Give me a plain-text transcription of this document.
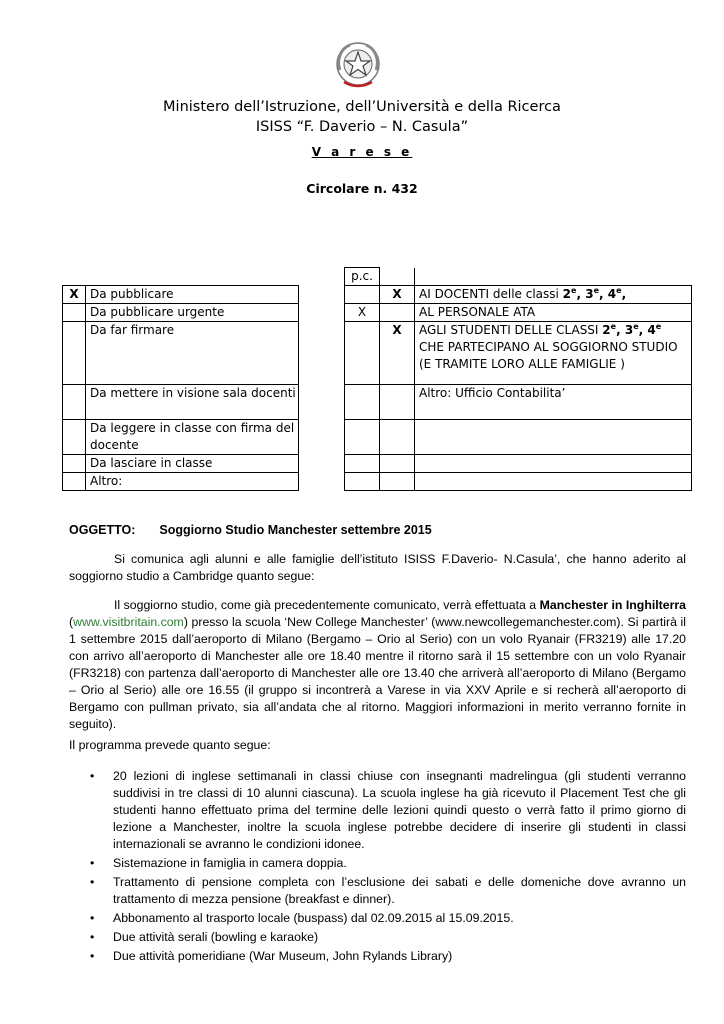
Ministero dell’Istruzione, dell’Università e della Ricerca
ISISS “F. Daverio – N. Casula”
V a r e s e
Circolare n. 432
X	Da pubblicare
	Da pubblicare urgente
	Da far firmare
	Da mettere in visione sala docenti
	Da leggere in classe con firma del docente
	Da lasciare in classe
	Altro:
p.c.		
	X	AI DOCENTI delle classi 2e, 3e, 4e,
X		AL PERSONALE ATA
	X	AGLI STUDENTI DELLE CLASSI 2e, 3e, 4e
CHE PARTECIPANO AL SOGGIORNO STUDIO (E TRAMITE LORO ALLE FAMIGLIE )
		Altro: Ufficio Contabilita’

OGGETTO: Soggiorno Studio Manchester settembre 2015
Si comunica agli alunni e alle famiglie dell’istituto ISISS F.Daverio- N.Casula’, che hanno aderito al soggiorno studio a Cambridge quanto segue:
Il soggiorno studio, come già precedentemente comunicato, verrà effettuata a Manchester in Inghilterra (www.visitbritain.com) presso la scuola ‘New College Manchester’ (www.newcollegemanchester.com). Si partirà il 1 settembre 2015 dall’aeroporto di Milano (Bergamo – Orio al Serio) con un volo Ryanair (FR3219) alle 17.20 con arrivo all’aeroporto di Manchester alle ore 18.40 mentre il ritorno sarà il 15 settembre con un volo Ryanair (FR3218) con partenza dall’aeroporto di Manchester alle ore 13.40 che arriverà all’aeroporto di Milano (Bergamo – Orio al Serio) alle ore 16.55 (il gruppo si incontrerà a Varese in via XXV Aprile e si recherà all’aeroporto di Bergamo con pullman privato, sia all’andata che al ritorno. Maggiori informazioni in merito verranno fornite in seguito).
Il programma prevede quanto segue:
• 20 lezioni di inglese settimanali in classi chiuse con insegnanti madrelingua (gli studenti verranno suddivisi in tre classi di 10 alunni ciascuna). La scuola inglese ha già ricevuto il Placement Test che gli studenti hanno effettuato prima del termine delle lezioni quindi questo o verrà fatto il primo giorno di lezione a Manchester, inoltre la scuola inglese potrebbe decidere di inserire gli studenti in classi internazionali se avranno le condizioni idonee.
• Sistemazione in famiglia in camera doppia.
• Trattamento di pensione completa con l’esclusione dei sabati e delle domeniche dove avranno un trattamento di mezza pensione (breakfast e dinner).
• Abbonamento al trasporto locale (buspass) dal 02.09.2015 al 15.09.2015.
• Due attività serali (bowling e karaoke)
• Due attività pomeridiane (War Museum, John Rylands Library)
